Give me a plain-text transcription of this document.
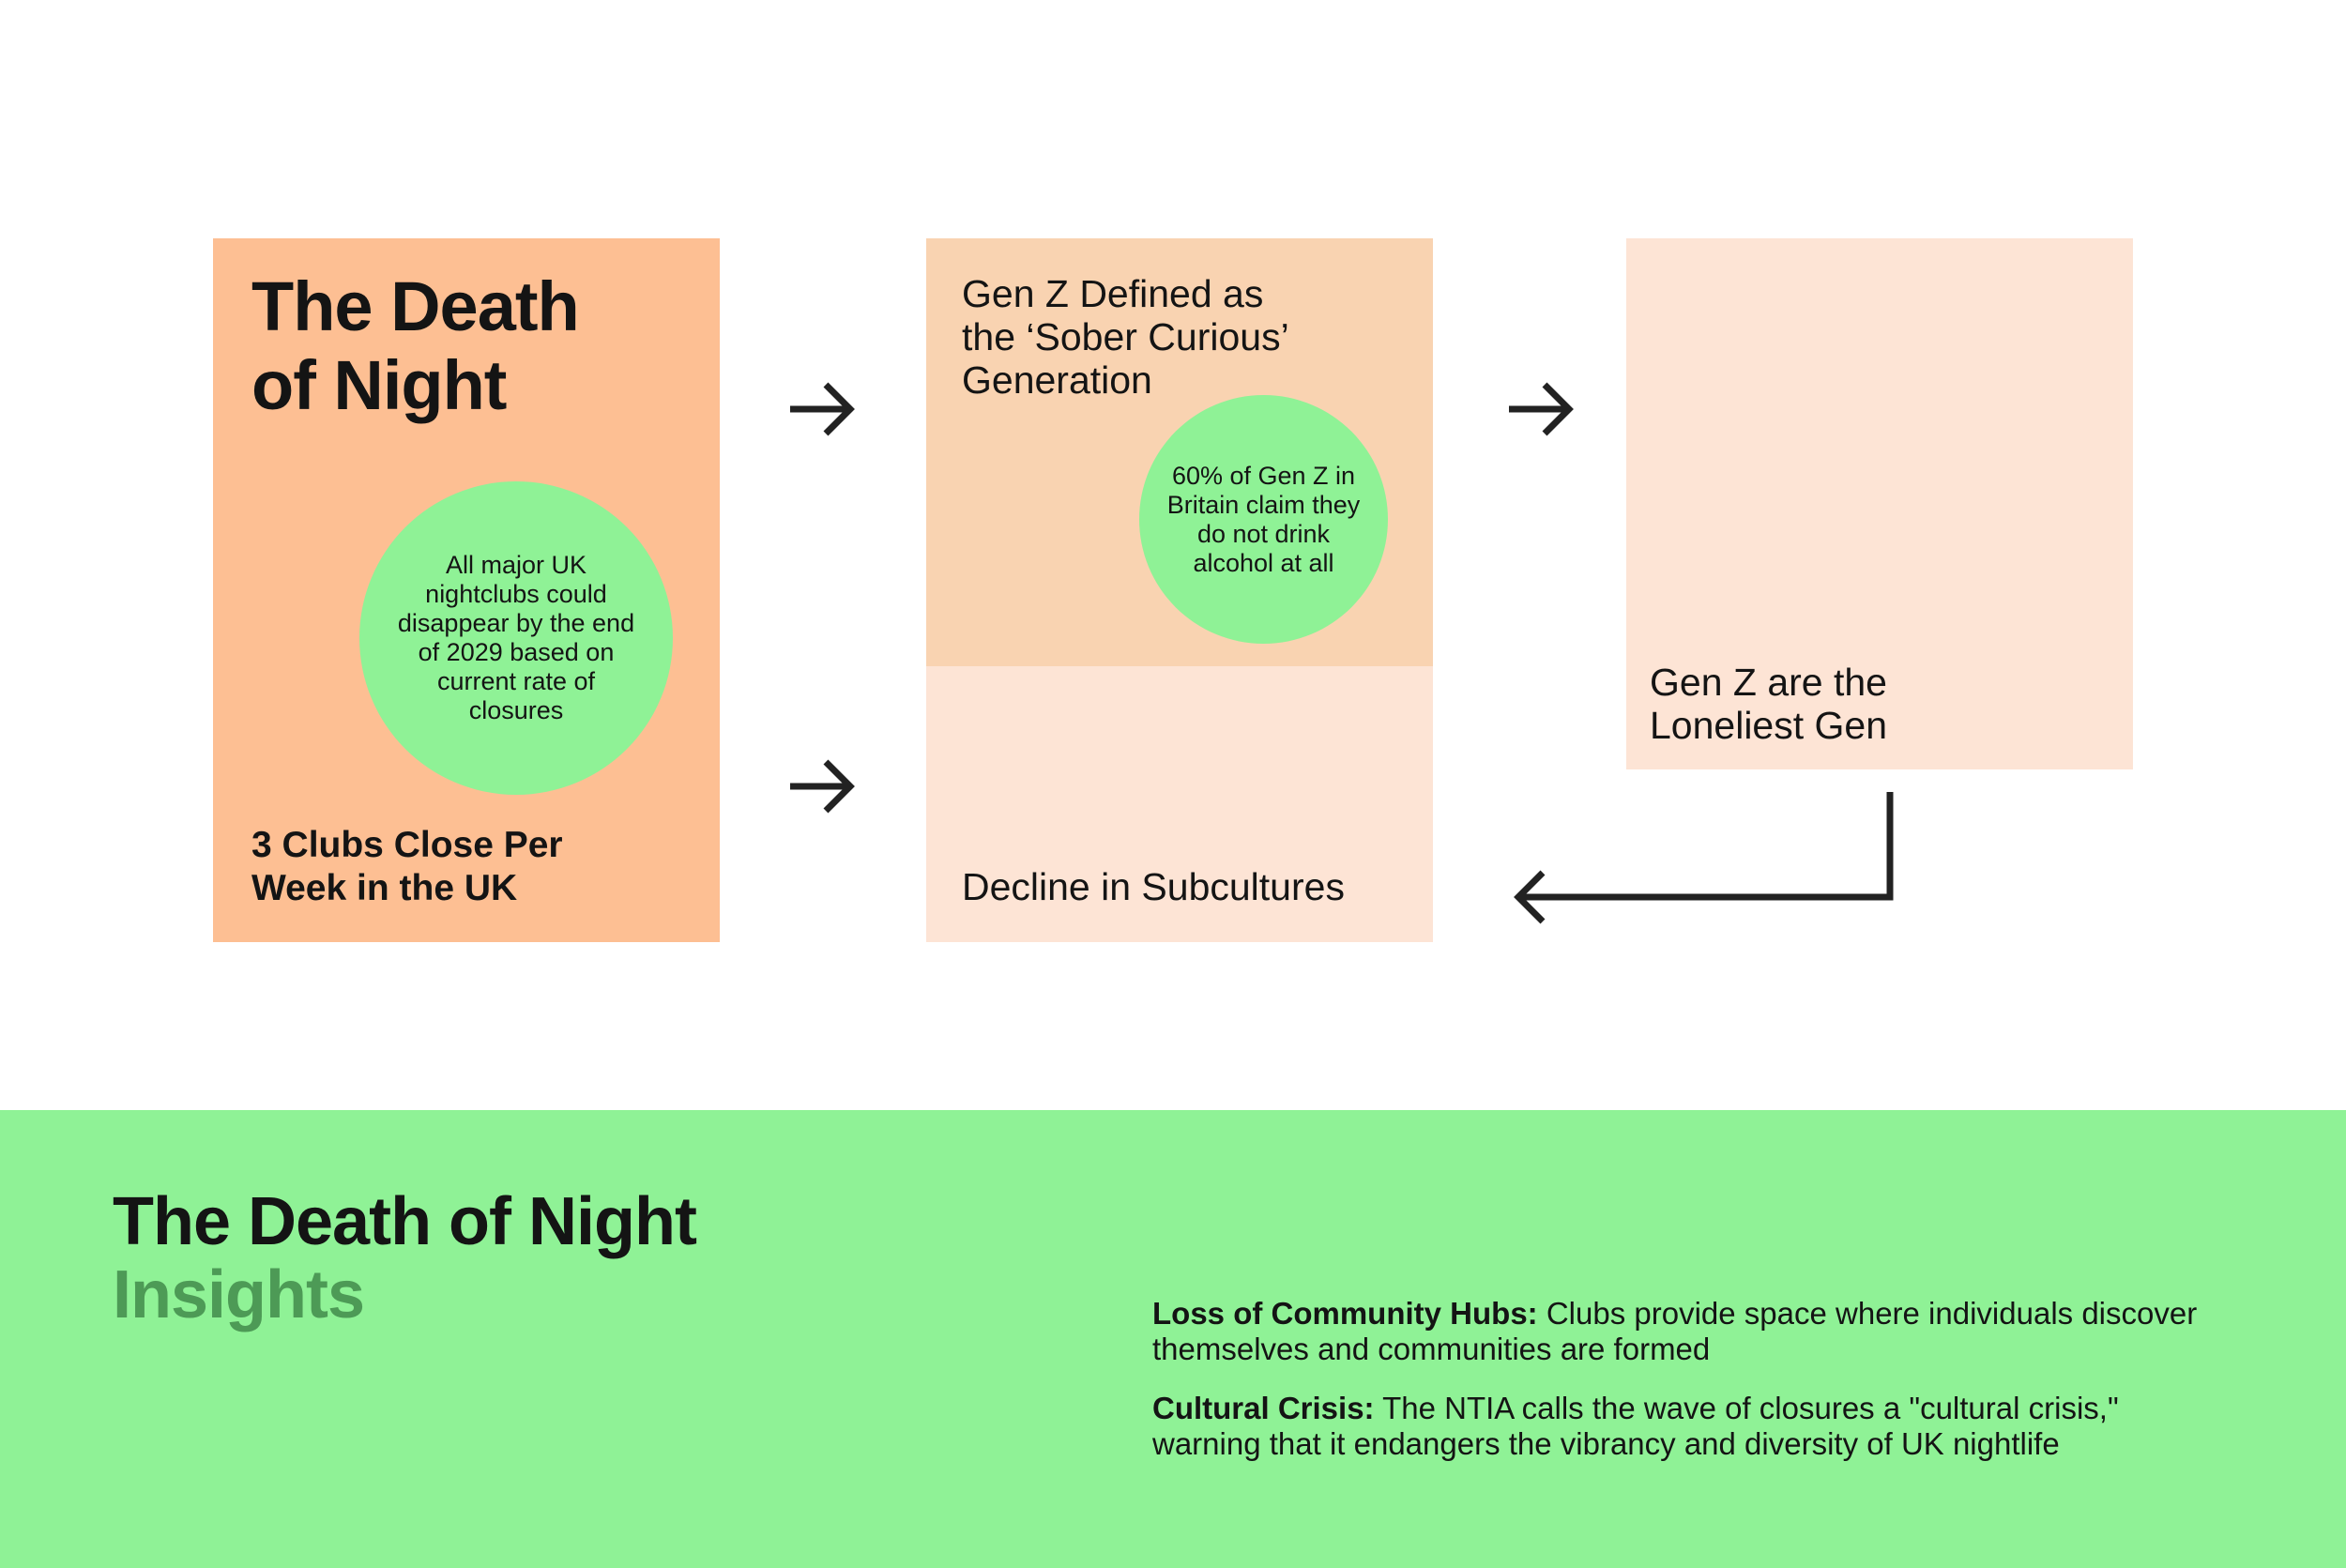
The Death
of Night
All major UK nightclubs could disappear by the end of 2029 based on current rate of closures
3 Clubs Close Per
Week in the UK
Gen Z Defined as
the ‘Sober Curious’
Generation
60% of Gen Z in Britain claim they do not drink alcohol at all
Decline in Subcultures
Gen Z are the
Loneliest Gen
The Death of Night
Insights	Loss of Community Hubs: Clubs provide space where individuals discover themselves and communities are formed
Cultural Crisis: The NTIA calls the wave of closures a "cultural crisis," warning that it endangers the vibrancy and diversity of UK nightlife
